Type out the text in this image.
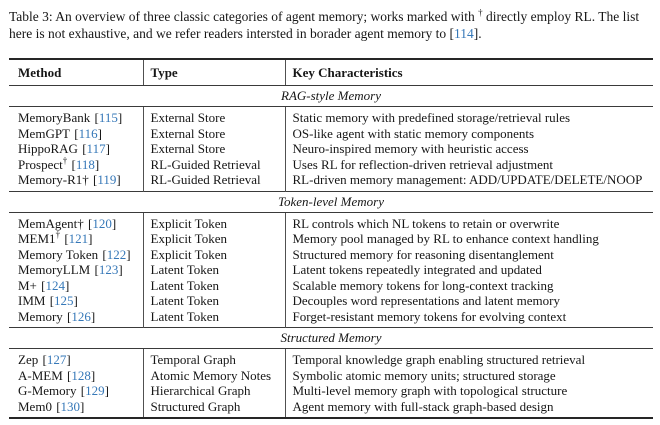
Table 3: An overview of three classic categories of agent memory; works marked with † directly employ RL. The list here is not exhaustive, and we refer readers intersted in borader agent memory to [114].

Method	Type	Key Characteristics
RAG-style Memory		
MemoryBank [115]	External Store	Static memory with predefined storage/retrieval rules
MemGPT [116]	External Store	OS-like agent with static memory components
HippoRAG [117]	External Store	Neuro-inspired memory with heuristic access
Prospect† [118]	RL-Guided Retrieval	Uses RL for reflection-driven retrieval adjustment
Memory-R1† [119]	RL-Guided Retrieval	RL-driven memory management: ADD/UPDATE/DELETE/NOOP
Token-level Memory		
MemAgent† [120]	Explicit Token	RL controls which NL tokens to retain or overwrite
MEM1† [121]	Explicit Token	Memory pool managed by RL to enhance context handling
Memory Token [122]	Explicit Token	Structured memory for reasoning disentanglement
MemoryLLM [123]	Latent Token	Latent tokens repeatedly integrated and updated
M+ [124]	Latent Token	Scalable memory tokens for long-context tracking
IMM [125]	Latent Token	Decouples word representations and latent memory
Memory [126]	Latent Token	Forget-resistant memory tokens for evolving context
Structured Memory		
Zep [127]	Temporal Graph	Temporal knowledge graph enabling structured retrieval
A-MEM [128]	Atomic Memory Notes	Symbolic atomic memory units; structured storage
G-Memory [129]	Hierarchical Graph	Multi-level memory graph with topological structure
Mem0 [130]	Structured Graph	Agent memory with full-stack graph-based design
